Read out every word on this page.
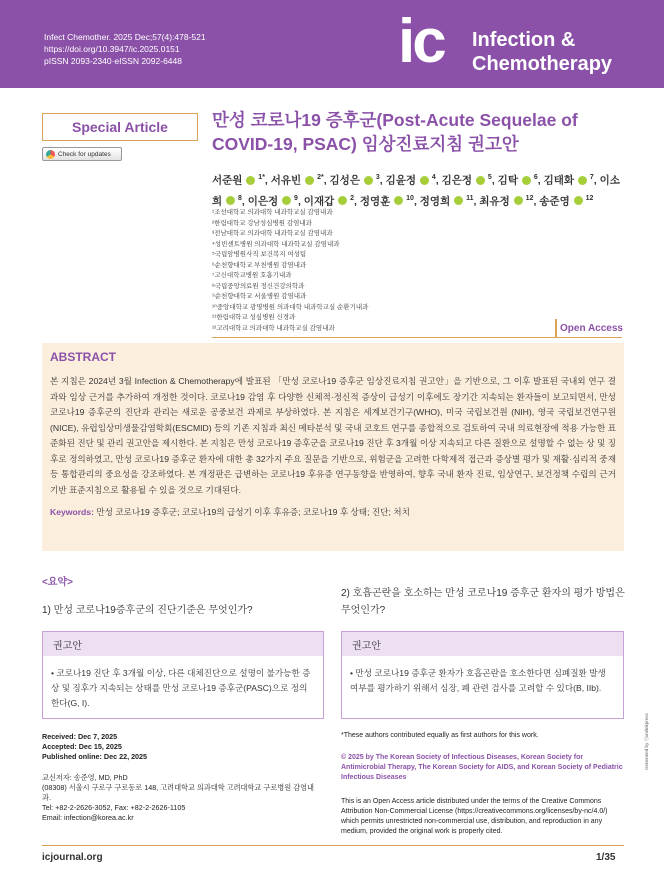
Infect Chemother. 2025 Dec;57(4):478-521
https://doi.org/10.3947/ic.2025.0151
pISSN 2093-2340·eISSN 2092-6448	ic Infection &
Chemotherapy
Special Article
Check for updates
만성 코로나19 증후군(Post-Acute Sequelae of COVID-19, PSAC) 임상진료지침 권고안
서준원  $^{1*}$, 서유빈  $^{2*}$, 김성은  $^3$, 김윤정  $^4$, 김은정  $^5$, 김탁  $^6$, 김태화  $^7$, 이소희  $^8$, 이은정  $^9$, 이재갑  $^2$, 정영훈  $^{10}$, 정영희  $^{11}$, 최유정  $^{12}$, 송준영  $^{12}$
¹조선대학교 의과대학 내과학교실 감염내과
²한림대학교 강남성심병원 감염내과
³전남대학교 의과대학 내과학교실 감염내과
⁴성빈센트병원 의과대학 내과학교실 감염내과
⁵국립암병원사직 보건복지 여성팀
⁶순천향대학교 부천병원 감염내과
⁷고신대학교병원 호흡기내과
⁸국립중앙의료원 정신건강의학과
⁹순천향대학교 서울병원 감염내과
¹⁰중앙대학교 광명병원 의과대학 내과학교실 순환기내과
¹¹한림대학교 성심병원 신경과
¹²고려대학교 의과대학 내과학교실 감염내과	Open Access
ABSTRACT

본 지침은 2024년 3월 Infection & Chemotherapy에 발표된 「만성 코로나19 증후군 임상진료지침 권고안」을 기반으로, 그 이후 발표된 국내외 연구 결과와 임상 근거를 추가하여 개정한 것이다. 코로나19 감염 후 다양한 신체적·정신적 증상이 급성기 이후에도 장기간 지속되는 환자들이 보고되면서, 만성 코로나19 증후군의 진단과 관리는 새로운 공중보건 과제로 부상하였다. 본 지침은 세계보건기구(WHO), 미국 국립보건원 (NIH), 영국 국립보건연구원(NICE), 유럽임상미생물감염학회(ESCMID) 등의 기존 지침과 최신 메타분석 및 국내 코호트 연구를 종합적으로 검토하여 국내 의료현장에 적용 가능한 표준화된 진단 및 관리 권고안을 제시한다. 본 지침은 만성 코로나19 증후군을 코로나19 진단 후 3개월 이상 지속되고 다른 질환으로 설명할 수 없는 상 및 징후로 정의하였고, 만성 코로나19 증후군 환자에 대한 총 32가지 주요 질문을 기반으로, 위험군을 고려한 다학제적 접근과 증상별 평가 및 재활·심리적 중재 등 통합관리의 중요성을 강조하였다. 본 개정판은 급변하는 코로나19 후유증 연구동향을 반영하여, 향후 국내 환자 진료, 임상연구, 보건정책 수립의 근거기반 표준지침으로 활용될 수 있을 것으로 기대된다.

Keywords: 만성 코로나19 증후군; 코로나19의 급성기 이후 후유증; 코로나19 후 상태; 진단; 처치

<요약>
1) 만성 코로나19증후군의 진단기준은 무엇인가?
2) 호흡곤란을 호소하는 만성 코로나19 증후군 환자의 평가 방법은 무엇인가?
권고안
• 코로나19 진단 후 3개월 이상, 다른 대체진단으로 설명이 불가능한 증상 및 징후가 지속되는 상태를 만성 코로나19 증후군(PASC)으로 정의한다(G, I).
권고안
• 만성 코로나19 증후군 환자가 호흡곤란을 호소한다면 심폐질환 발생 여부를 평가하기 위해서 심장, 폐 관련 검사를 고려할 수 있다(B, IIb).
Received: Dec 7, 2025
Accepted: Dec 15, 2025
Published online: Dec 22, 2025
교신저자: 송준영, MD, PhD
(08308) 서울시 구로구 구로동로 148, 고려대학교 의과대학 고려대학교 구로병원 감염내과.
Tel: +82-2-2626-3052, Fax: +82-2-2626-1105
Email: infection@korea.ac.kr
*These authors contributed equally as first authors for this work.
© 2025 by The Korean Society of Infectious Diseases, Korean Society for Antimicrobial Therapy, The Korean Society for AIDS, and Korean Society of Pediatric Infectious Diseases
This is an Open Access article distributed under the terms of the Creative Commons Attribution Non-Commercial License (https://creativecommons.org/licenses/by-nc/4.0/) which permits unrestricted non-commercial use, distribution, and reproduction in any medium, provided the original work is properly cited.
icjournal.org	1/35
Generated by ⓒxmlinkpress
